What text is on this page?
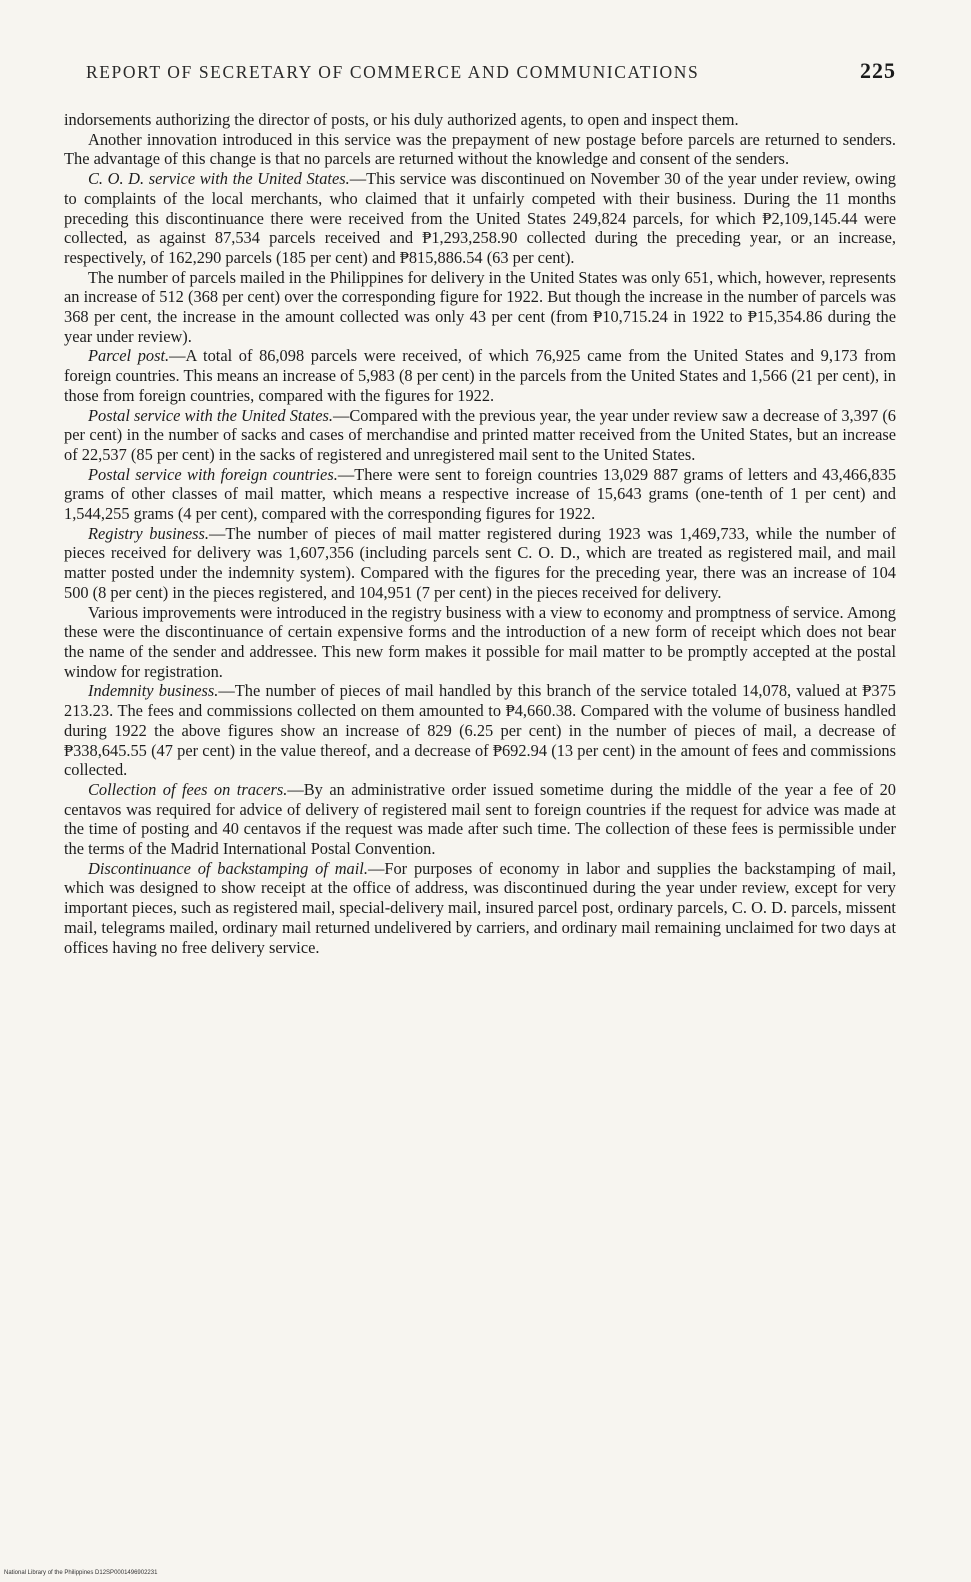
REPORT OF SECRETARY OF COMMERCE AND COMMUNICATIONS	225

indorsements authorizing the director of posts, or his duly authorized agents, to open and inspect them.

Another innovation introduced in this service was the prepayment of new postage before parcels are returned to senders. The advantage of this change is that no parcels are returned without the knowledge and consent of the senders.

C. O. D. service with the United States.—This service was discontinued on November 30 of the year under review, owing to complaints of the local merchants, who claimed that it unfairly competed with their business. During the 11 months preceding this discontinuance there were received from the United States 249,824 parcels, for which ₱2,109,145.44 were collected, as against 87,534 parcels received and ₱1,293,258.90 collected during the preceding year, or an increase, respectively, of 162,290 parcels (185 per cent) and ₱815,886.54 (63 per cent).

The number of parcels mailed in the Philippines for delivery in the United States was only 651, which, however, represents an increase of 512 (368 per cent) over the corresponding figure for 1922. But though the increase in the number of parcels was 368 per cent, the increase in the amount collected was only 43 per cent (from ₱10,715.24 in 1922 to ₱15,354.86 during the year under review).

Parcel post.—A total of 86,098 parcels were received, of which 76,925 came from the United States and 9,173 from foreign countries. This means an increase of 5,983 (8 per cent) in the parcels from the United States and 1,566 (21 per cent), in those from foreign countries, compared with the figures for 1922.

Postal service with the United States.—Compared with the previous year, the year under review saw a decrease of 3,397 (6 per cent) in the number of sacks and cases of merchandise and printed matter received from the United States, but an increase of 22,537 (85 per cent) in the sacks of registered and unregistered mail sent to the United States.

Postal service with foreign countries.—There were sent to foreign countries 13,029 887 grams of letters and 43,466,835 grams of other classes of mail matter, which means a respective increase of 15,643 grams (one-tenth of 1 per cent) and 1,544,255 grams (4 per cent), compared with the corresponding figures for 1922.

Registry business.—The number of pieces of mail matter registered during 1923 was 1,469,733, while the number of pieces received for delivery was 1,607,356 (including parcels sent C. O. D., which are treated as registered mail, and mail matter posted under the indemnity system). Compared with the figures for the preceding year, there was an increase of 104 500 (8 per cent) in the pieces registered, and 104,951 (7 per cent) in the pieces received for delivery.

Various improvements were introduced in the registry business with a view to economy and promptness of service. Among these were the discontinuance of certain expensive forms and the introduction of a new form of receipt which does not bear the name of the sender and addressee. This new form makes it possible for mail matter to be promptly accepted at the postal window for registration.

Indemnity business.—The number of pieces of mail handled by this branch of the service totaled 14,078, valued at ₱375 213.23. The fees and commissions collected on them amounted to ₱4,660.38. Compared with the volume of business handled during 1922 the above figures show an increase of 829 (6.25 per cent) in the number of pieces of mail, a decrease of ₱338,645.55 (47 per cent) in the value thereof, and a decrease of ₱692.94 (13 per cent) in the amount of fees and commissions collected.

Collection of fees on tracers.—By an administrative order issued sometime during the middle of the year a fee of 20 centavos was required for advice of delivery of registered mail sent to foreign countries if the request for advice was made at the time of posting and 40 centavos if the request was made after such time. The collection of these fees is permissible under the terms of the Madrid International Postal Convention.

Discontinuance of backstamping of mail.—For purposes of economy in labor and supplies the backstamping of mail, which was designed to show receipt at the office of address, was discontinued during the year under review, except for very important pieces, such as registered mail, special-delivery mail, insured parcel post, ordinary parcels, C. O. D. parcels, missent mail, telegrams mailed, ordinary mail returned undelivered by carriers, and ordinary mail remaining unclaimed for two days at offices having no free delivery service.

National Library of the Philippines D12SP0001496902231
